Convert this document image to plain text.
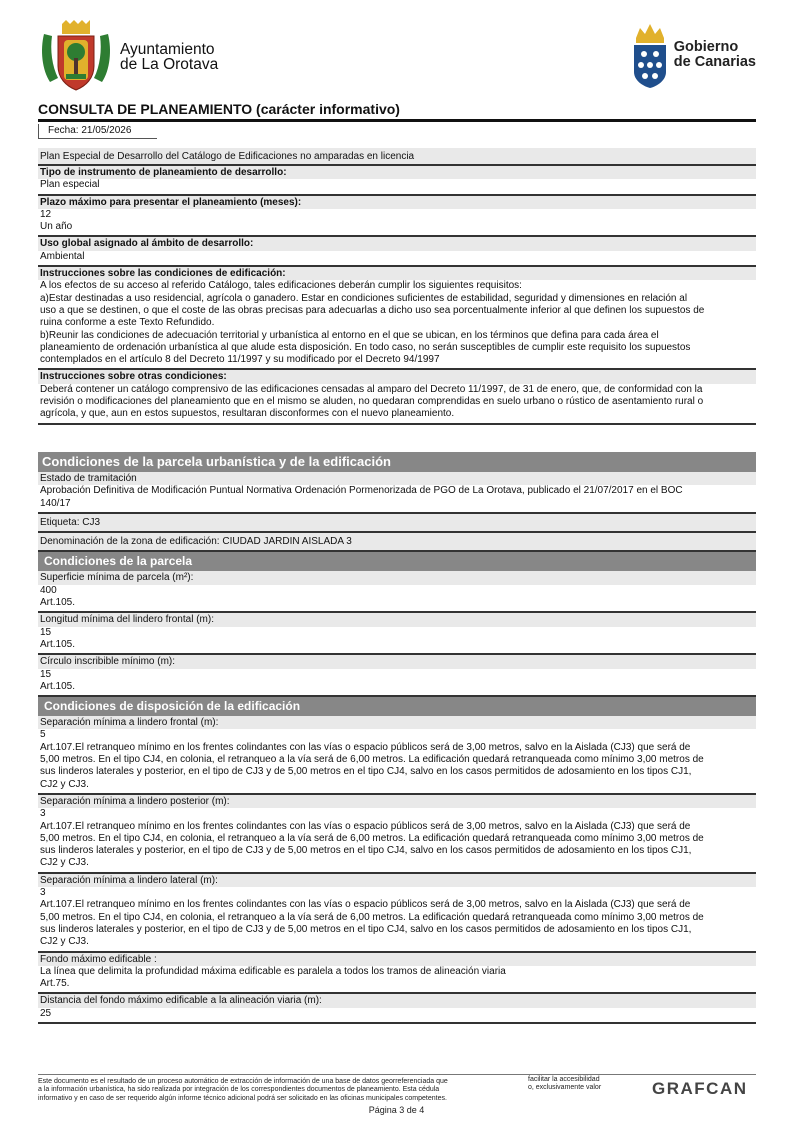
Ayuntamiento
de La Orotava
Gobierno
de Canarias
CONSULTA DE PLANEAMIENTO (carácter informativo)
Fecha: 21/05/2026
Plan Especial de Desarrollo del Catálogo de Edificaciones no amparadas en licencia
Tipo de instrumento de planeamiento de desarrollo:
Plan especial
Plazo máximo para presentar el planeamiento (meses):
12
Un año
Uso global asignado al ámbito de desarrollo:
Ambiental
Instrucciones sobre las condiciones de edificación:
A los efectos de su acceso al referido Catálogo, tales edificaciones deberán cumplir los siguientes requisitos:
a)Estar destinadas a uso residencial, agrícola o ganadero. Estar en condiciones suficientes de estabilidad, seguridad y dimensiones en relación al
uso a que se destinen, o que el coste de las obras precisas para adecuarlas a dicho uso sea porcentualmente inferior al que definen los supuestos de
ruina conforme a este Texto Refundido.
b)Reunir las condiciones de adecuación territorial y urbanística al entorno en el que se ubican, en los términos que defina para cada área el
planeamiento de ordenación urbanística al que alude esta disposición. En todo caso, no serán susceptibles de cumplir este requisito los supuestos
contemplados en el artículo 8 del Decreto 11/1997 y su modificado por el Decreto 94/1997
Instrucciones sobre otras condiciones:
Deberá contener un catálogo comprensivo de las edificaciones censadas al amparo del Decreto 11/1997, de 31 de enero, que, de conformidad con la
revisión o modificaciones del planeamiento que en el mismo se aluden, no quedaran comprendidas en suelo urbano o rústico de asentamiento rural o
agrícola, y que, aun en estos supuestos, resultaran disconformes con el nuevo planeamiento.
Condiciones de la parcela urbanística y de la edificación
Estado de tramitación
Aprobación Definitiva de Modificación Puntual Normativa Ordenación Pormenorizada de PGO de La Orotava, publicado el 21/07/2017 en el BOC
140/17
Etiqueta: CJ3
Denominación de la zona de edificación: CIUDAD JARDIN AISLADA 3
Condiciones de la parcela
Superficie mínima de parcela (m²):
400
Art.105.
Longitud mínima del lindero frontal (m):
15
Art.105.
Círculo inscribible mínimo (m):
15
Art.105.
Condiciones de disposición de la edificación
Separación mínima a lindero frontal (m):
5
Art.107.El retranqueo mínimo en los frentes colindantes con las vías o espacio públicos será de 3,00 metros, salvo en la Aislada (CJ3) que será de
5,00 metros. En el tipo CJ4, en colonia, el retranqueo a la vía será de 6,00 metros. La edificación quedará retranqueada como mínimo 3,00 metros de
sus linderos laterales y posterior, en el tipo de CJ3 y de 5,00 metros en el tipo CJ4, salvo en los casos permitidos de adosamiento en los tipos CJ1,
CJ2 y CJ3.
Separación mínima a lindero posterior (m):
3
Art.107.El retranqueo mínimo en los frentes colindantes con las vías o espacio públicos será de 3,00 metros, salvo en la Aislada (CJ3) que será de
5,00 metros. En el tipo CJ4, en colonia, el retranqueo a la vía será de 6,00 metros. La edificación quedará retranqueada como mínimo 3,00 metros de
sus linderos laterales y posterior, en el tipo de CJ3 y de 5,00 metros en el tipo CJ4, salvo en los casos permitidos de adosamiento en los tipos CJ1,
CJ2 y CJ3.
Separación mínima a lindero lateral (m):
3
Art.107.El retranqueo mínimo en los frentes colindantes con las vías o espacio públicos será de 3,00 metros, salvo en la Aislada (CJ3) que será de
5,00 metros. En el tipo CJ4, en colonia, el retranqueo a la vía será de 6,00 metros. La edificación quedará retranqueada como mínimo 3,00 metros de
sus linderos laterales y posterior, en el tipo de CJ3 y de 5,00 metros en el tipo CJ4, salvo en los casos permitidos de adosamiento en los tipos CJ1,
CJ2 y CJ3.
Fondo máximo edificable :
La línea que delimita la profundidad máxima edificable es paralela a todos los tramos de alineación viaria
Art.75.
Distancia del fondo máximo edificable a la alineación viaria (m):
25
Este documento es el resultado de un proceso automático de extracción de información de una base de datos georreferenciada que
a la información urbanística, ha sido realizada por integración de los correspondientes documentos de planeamiento. Esta cédula
informativo y en caso de ser requerido algún informe técnico adicional podrá ser solicitado en las oficinas municipales competentes.
facilitar la accesibilidad
o, exclusivamente valor	GRAFCAN
Página 3 de 4
